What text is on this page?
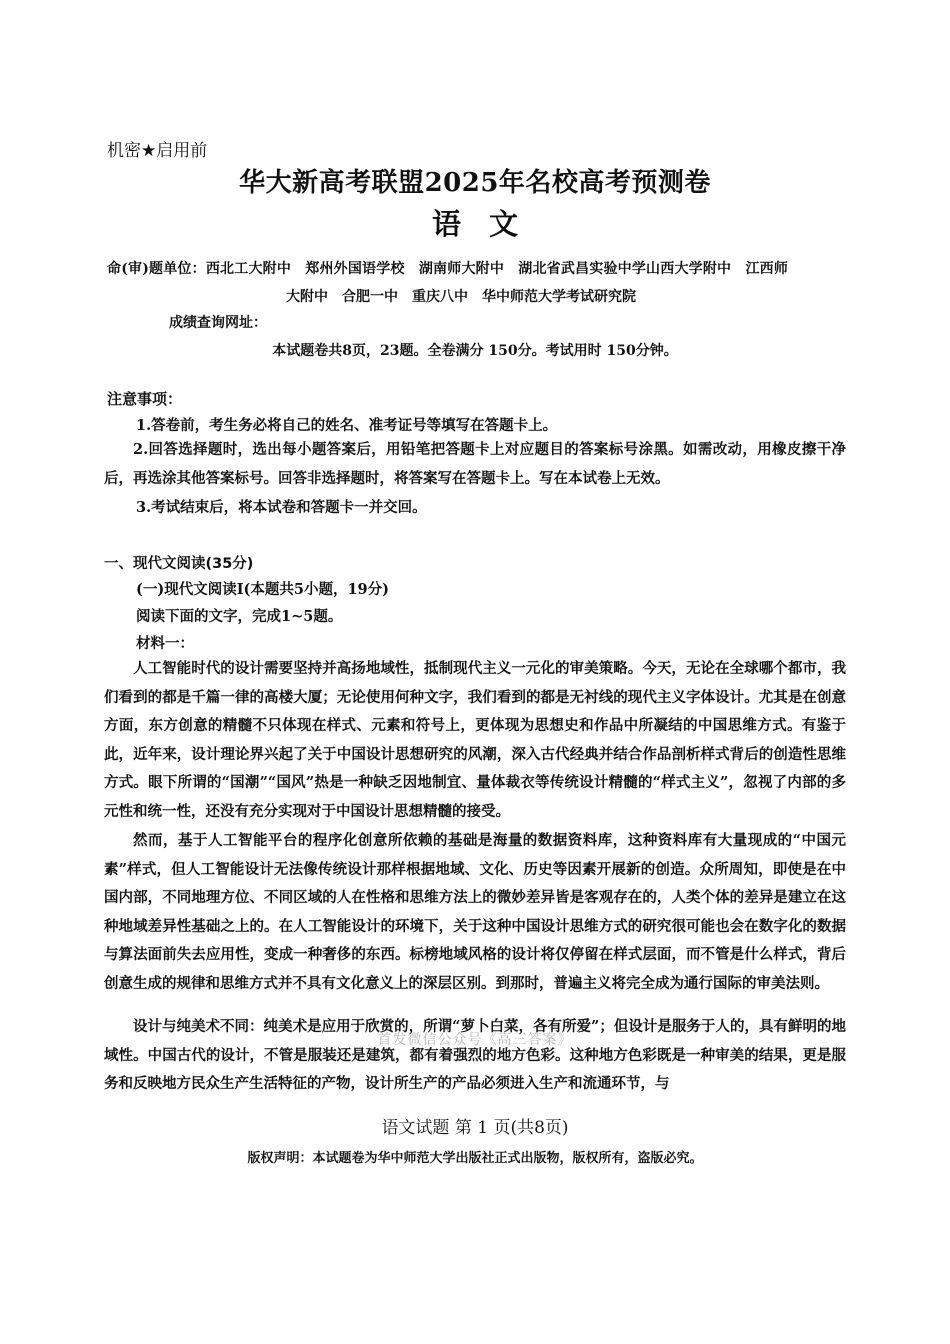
机密★启用前
华大新高考联盟2025年名校高考预测卷
语文
命(审)题单位：西北工大附中　郑州外国语学校　湖南师大附中　湖北省武昌实验中学山西大学附中　江西师
大附中　合肥一中　重庆八中　华中师范大学考试研究院
成绩查询网址：
本试题卷共8页，23题。全卷满分 150分。考试用时 150分钟。
注意事项：
1.答卷前，考生务必将自己的姓名、准考证号等填写在答题卡上。
2.回答选择题时，选出每小题答案后，用铅笔把答题卡上对应题目的答案标号涂黑。如需改动，用橡皮擦干净后，再选涂其他答案标号。回答非选择题时，将答案写在答题卡上。写在本试卷上无效。
3.考试结束后，将本试卷和答题卡一并交回。
一、现代文阅读(35分)
(一)现代文阅读Ⅰ(本题共5小题，19分)
阅读下面的文字，完成1~5题。
材料一：
人工智能时代的设计需要坚持并高扬地域性，抵制现代主义一元化的审美策略。今天，无论在全球哪个都市，我们看到的都是千篇一律的高楼大厦；无论使用何种文字，我们看到的都是无衬线的现代主义字体设计。尤其是在创意方面，东方创意的精髓不只体现在样式、元素和符号上，更体现为思想史和作品中所凝结的中国思维方式。有鉴于此，近年来，设计理论界兴起了关于中国设计思想研究的风潮，深入古代经典并结合作品剖析样式背后的创造性思维方式。眼下所谓的“国潮”“国风”热是一种缺乏因地制宜、量体裁衣等传统设计精髓的“样式主义”，忽视了内部的多元性和统一性，还没有充分实现对于中国设计思想精髓的接受。
然而，基于人工智能平台的程序化创意所依赖的基础是海量的数据资料库，这种资料库有大量现成的“中国元素”样式，但人工智能设计无法像传统设计那样根据地域、文化、历史等因素开展新的创造。众所周知，即使是在中国内部，不同地理方位、不同区域的人在性格和思维方法上的微妙差异皆是客观存在的，人类个体的差异是建立在这种地域差异性基础之上的。在人工智能设计的环境下，关于这种中国设计思维方式的研究很可能也会在数字化的数据与算法面前失去应用性，变成一种奢侈的东西。标榜地域风格的设计将仅停留在样式层面，而不管是什么样式，背后创意生成的规律和思维方式并不具有文化意义上的深层区别。到那时，普遍主义将完全成为通行国际的审美法则。
设计与纯美术不同：纯美术是应用于欣赏的，所谓“萝卜白菜，各有所爱”；但设计是服务于人的，具有鲜明的地域性。中国古代的设计，不管是服装还是建筑，都有着强烈的地方色彩。这种地方色彩既是一种审美的结果，更是服务和反映地方民众生产生活特征的产物，设计所生产的产品必须进入生产和流通环节，与
首发微信公众号《高三答案》
语文试题 第 1 页(共8页)
版权声明：本试题卷为华中师范大学出版社正式出版物，版权所有，盗版必究。
